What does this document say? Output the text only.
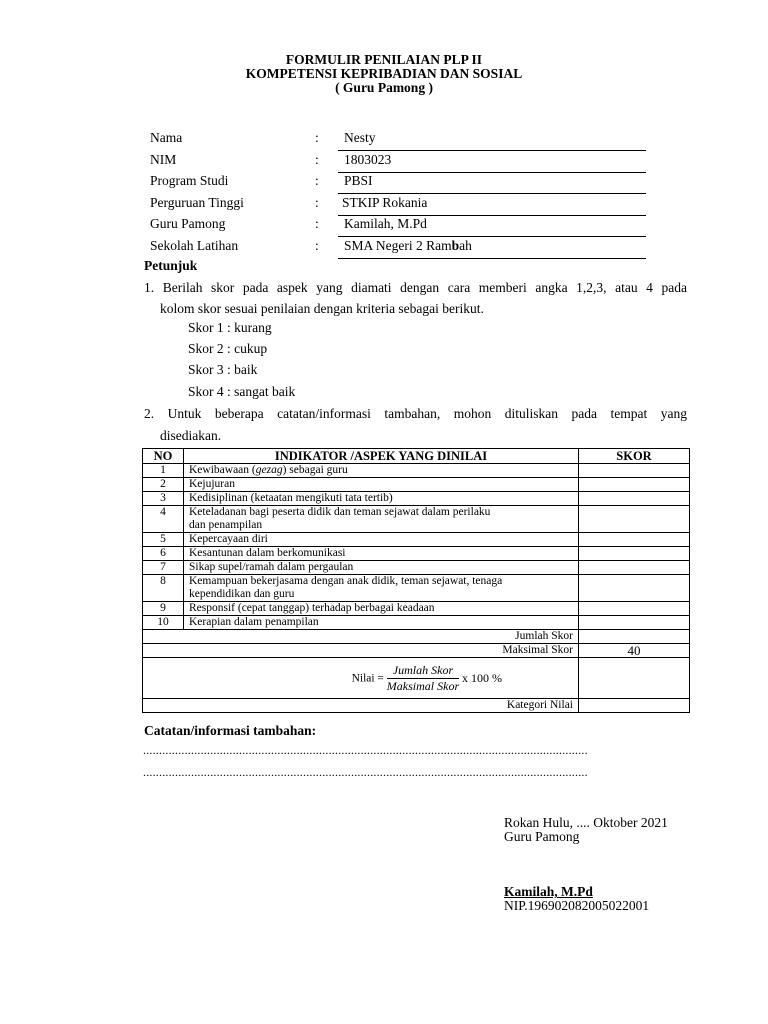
FORMULIR PENILAIAN PLP II
KOMPETENSI KEPRIBADIAN DAN SOSIAL
( Guru Pamong )
Nama	: Nesty
NIM	: 1803023
Program Studi	: PBSI
Perguruan Tinggi	: STKIP Rokania
Guru Pamong	: Kamilah, M.Pd
Sekolah Latihan	: SMA Negeri 2 Rambah
Petunjuk
1. Berilah skor pada aspek yang diamati dengan cara memberi angka 1,2,3, atau 4 pada
kolom skor sesuai penilaian dengan kriteria sebagai berikut.
Skor 1 : kurang
Skor 2 : cukup
Skor 3 : baik
Skor 4 : sangat baik
2. Untuk beberapa catatan/informasi tambahan, mohon dituliskan pada tempat yang
disediakan.
NO	INDIKATOR /ASPEK YANG DINILAI	SKOR
1	Kewibawaan (gezag) sebagai guru	
2	Kejujuran	
3	Kedisiplinan (ketaatan mengikuti tata tertib)	
4	Keteladanan bagi peserta didik dan teman sejawat dalam perilaku
dan penampilan	
5	Kepercayaan diri	
6	Kesantunan dalam berkomunikasi	
7	Sikap supel/ramah dalam pergaulan	
8	Kemampuan bekerjasama dengan anak didik, teman sejawat, tenaga
kependidikan dan guru	
9	Responsif (cepat tanggap) terhadap berbagai keadaan	
10	Kerapian dalam penampilan	
Jumlah Skor		
Maksimal Skor		40
Nilai = $\frac{\text{Jumlah Skor}}{\text{Maksimal Skor}}$ x 100 %		
Kategori Nilai		
Catatan/informasi tambahan:
...........................................................................................................................................
...........................................................................................................................................
Rokan Hulu, .... Oktober 2021
Guru Pamong
Kamilah, M.Pd
NIP.196902082005022001
